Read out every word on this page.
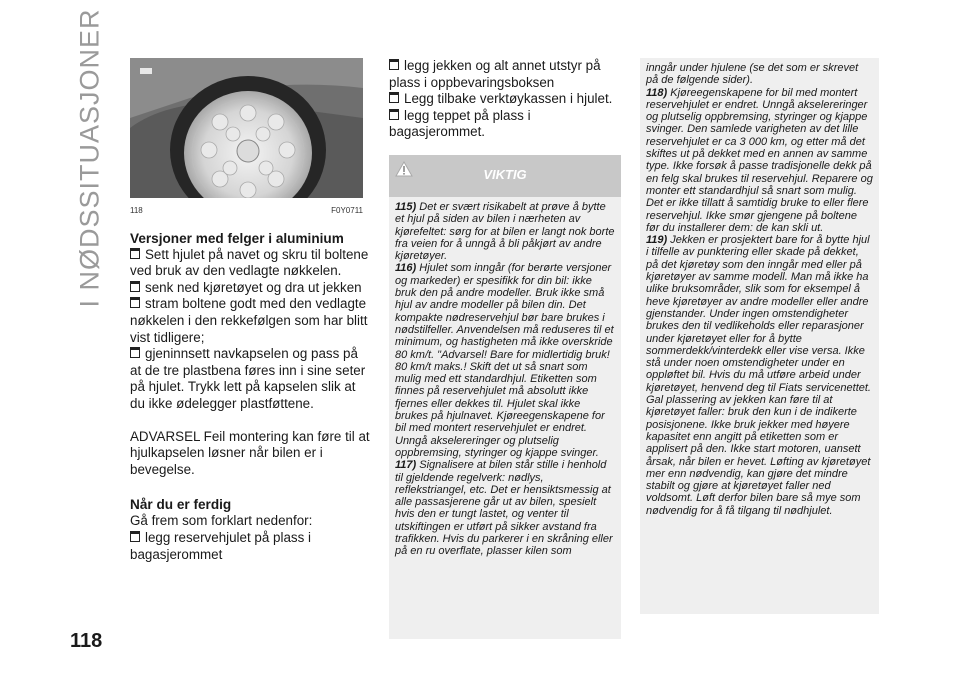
I NØDSSITUASJONER
118
118	F0Y0711
Versjoner med felger i aluminium

Sett hjulet på navet og skru til boltene ved bruk av den vedlagte nøkkelen.

senk ned kjøretøyet og dra ut jekken

stram boltene godt med den vedlagte nøkkelen i den rekkefølgen som har blitt vist tidligere;

gjeninnsett navkapselen og pass på at de tre plastbena føres inn i sine seter på hjulet. Trykk lett på kapselen slik at du ikke ødelegger plastføttene.

ADVARSEL Feil montering kan føre til at hjulkapselen løsner når bilen er i bevegelse.

Når du er ferdig

Gå frem som forklart nedenfor:

legg reservehjulet på plass i bagasjerommet

legg jekken og alt annet utstyr på plass i oppbevaringsboksen

Legg tilbake verktøykassen i hjulet.

legg teppet på plass i bagasjerommet.

VIKTIG

115) Det er svært risikabelt at prøve å bytte et hjul på siden av bilen i nærheten av kjørefeltet: sørg for at bilen er langt nok borte fra veien for å unngå å bli påkjørt av andre kjøretøyer.

116) Hjulet som inngår (for berørte versjoner og markeder) er spesifikk for din bil: ikke bruk den på andre modeller. Bruk ikke små hjul av andre modeller på bilen din. Det kompakte nødreservehjul bør bare brukes i nødstilfeller. Anvendelsen må reduseres til et minimum, og hastigheten må ikke overskride 80 km/t. "Advarsel! Bare for midlertidig bruk! 80 km/t maks.! Skift det ut så snart som mulig med ett standardhjul. Etiketten som finnes på reservehjulet må absolutt ikke fjernes eller dekkes til. Hjulet skal ikke brukes på hjulnavet. Kjøreegenskapene for bil med montert reservehjulet er endret. Unngå akselereringer og plutselig oppbremsing, styringer og kjappe svinger.

117) Signalisere at bilen står stille i henhold til gjeldende regelverk: nødlys, reflekstriangel, etc. Det er hensiktsmessig at alle passasjerene går ut av bilen, spesielt hvis den er tungt lastet, og venter til utskiftingen er utført på sikker avstand fra trafikken. Hvis du parkerer i en skråning eller på en ru overflate, plasser kilen som

inngår under hjulene (se det som er skrevet på de følgende sider).

118) Kjøreegenskapene for bil med montert reservehjulet er endret. Unngå akselereringer og plutselig oppbremsing, styringer og kjappe svinger. Den samlede varigheten av det lille reservehjulet er ca 3 000 km, og etter må det skiftes ut på dekket med en annen av samme type. Ikke forsøk å passe tradisjonelle dekk på en felg skal brukes til reservehjul. Reparere og monter ett standardhjul så snart som mulig. Det er ikke tillatt å samtidig bruke to eller flere reservehjul. Ikke smør gjengene på boltene før du installerer dem: de kan skli ut.

119) Jekken er prosjektert bare for å bytte hjul i tilfelle av punktering eller skade på dekket, på det kjøretøy som den inngår med eller på kjøretøyer av samme modell. Man må ikke ha ulike bruksområder, slik som for eksempel å heve kjøretøyer av andre modeller eller andre gjenstander. Under ingen omstendigheter brukes den til vedlikeholds eller reparasjoner under kjøretøyet eller for å bytte sommerdekk/vinterdekk eller vise versa. Ikke stå under noen omstendigheter under en oppløftet bil. Hvis du må utføre arbeid under kjøretøyet, henvend deg til Fiats servicenettet. Gal plassering av jekken kan føre til at kjøretøyet faller: bruk den kun i de indikerte posisjonene. Ikke bruk jekker med høyere kapasitet enn angitt på etiketten som er applisert på den. Ikke start motoren, uansett årsak, når bilen er hevet. Løfting av kjøretøyet mer enn nødvendig, kan gjøre det mindre stabilt og gjøre at kjøretøyet faller ned voldsomt. Løft derfor bilen bare så mye som nødvendig for å få tilgang til nødhjulet.
